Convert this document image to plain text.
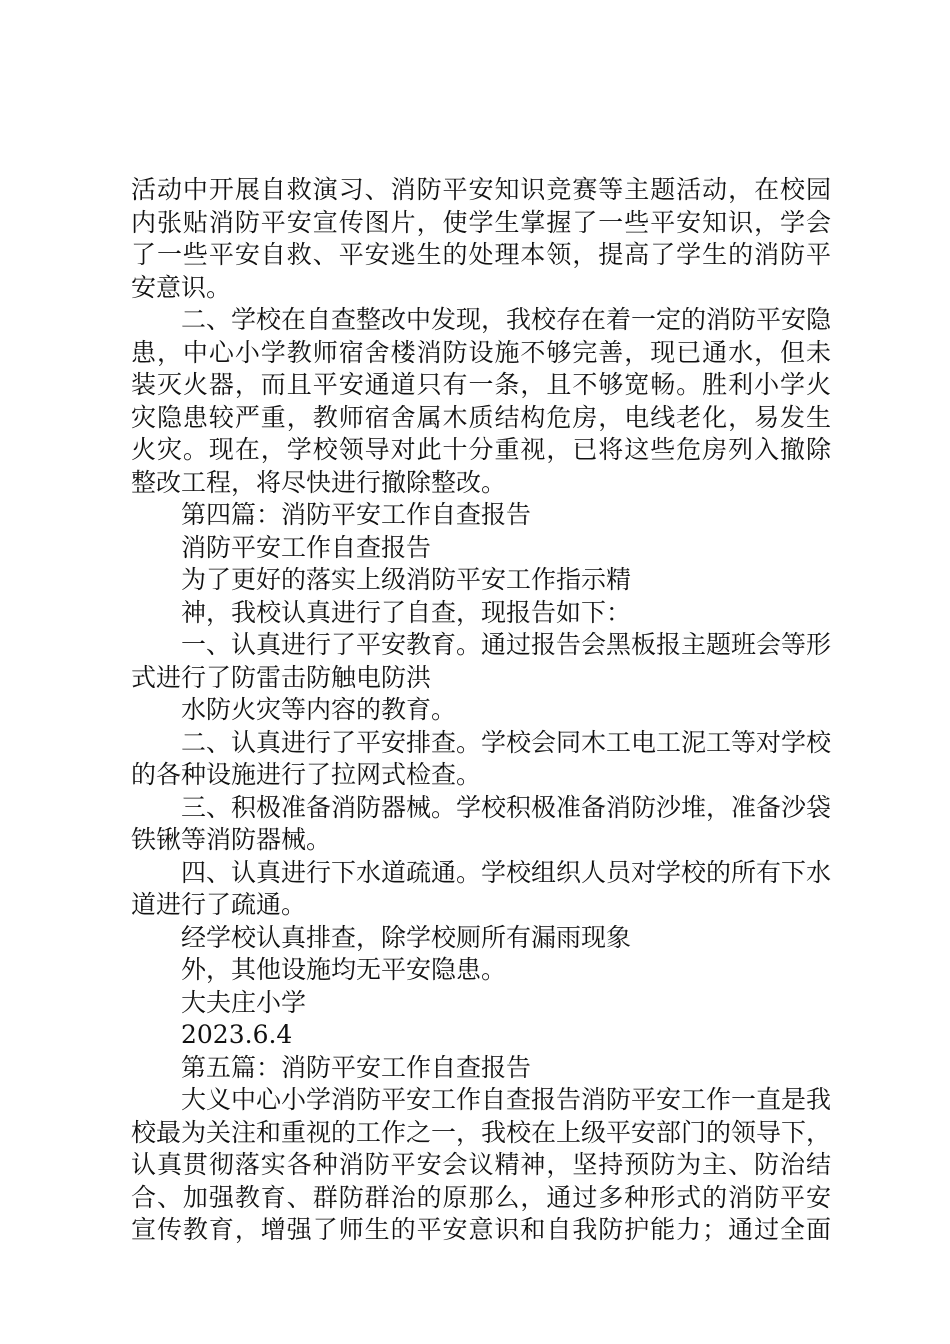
活动中开展自救演习、消防平安知识竞赛等主题活动，在校园
内张贴消防平安宣传图片，使学生掌握了一些平安知识，学会
了一些平安自救、平安逃生的处理本领，提高了学生的消防平
安意识。
二、学校在自查整改中发现，我校存在着一定的消防平安隐
患，中心小学教师宿舍楼消防设施不够完善，现已通水，但未
装灭火器，而且平安通道只有一条，且不够宽畅。胜利小学火
灾隐患较严重，教师宿舍属木质结构危房，电线老化，易发生
火灾。现在，学校领导对此十分重视，已将这些危房列入撤除
整改工程，将尽快进行撤除整改。
第四篇：消防平安工作自查报告
消防平安工作自查报告
为了更好的落实上级消防平安工作指示精
神，我校认真进行了自查，现报告如下：
一、认真进行了平安教育。通过报告会黑板报主题班会等形
式进行了防雷击防触电防洪
水防火灾等内容的教育。
二、认真进行了平安排查。学校会同木工电工泥工等对学校
的各种设施进行了拉网式检查。
三、积极准备消防器械。学校积极准备消防沙堆，准备沙袋
铁锹等消防器械。
四、认真进行下水道疏通。学校组织人员对学校的所有下水
道进行了疏通。
经学校认真排查，除学校厕所有漏雨现象
外，其他设施均无平安隐患。
大夫庄小学
2023.6.4
第五篇：消防平安工作自查报告
大义中心小学消防平安工作自查报告消防平安工作一直是我
校最为关注和重视的工作之一，我校在上级平安部门的领导下，
认真贯彻落实各种消防平安会议精神，坚持预防为主、防治结
合、加强教育、群防群治的原那么，通过多种形式的消防平安
宣传教育，增强了师生的平安意识和自我防护能力；通过全面
